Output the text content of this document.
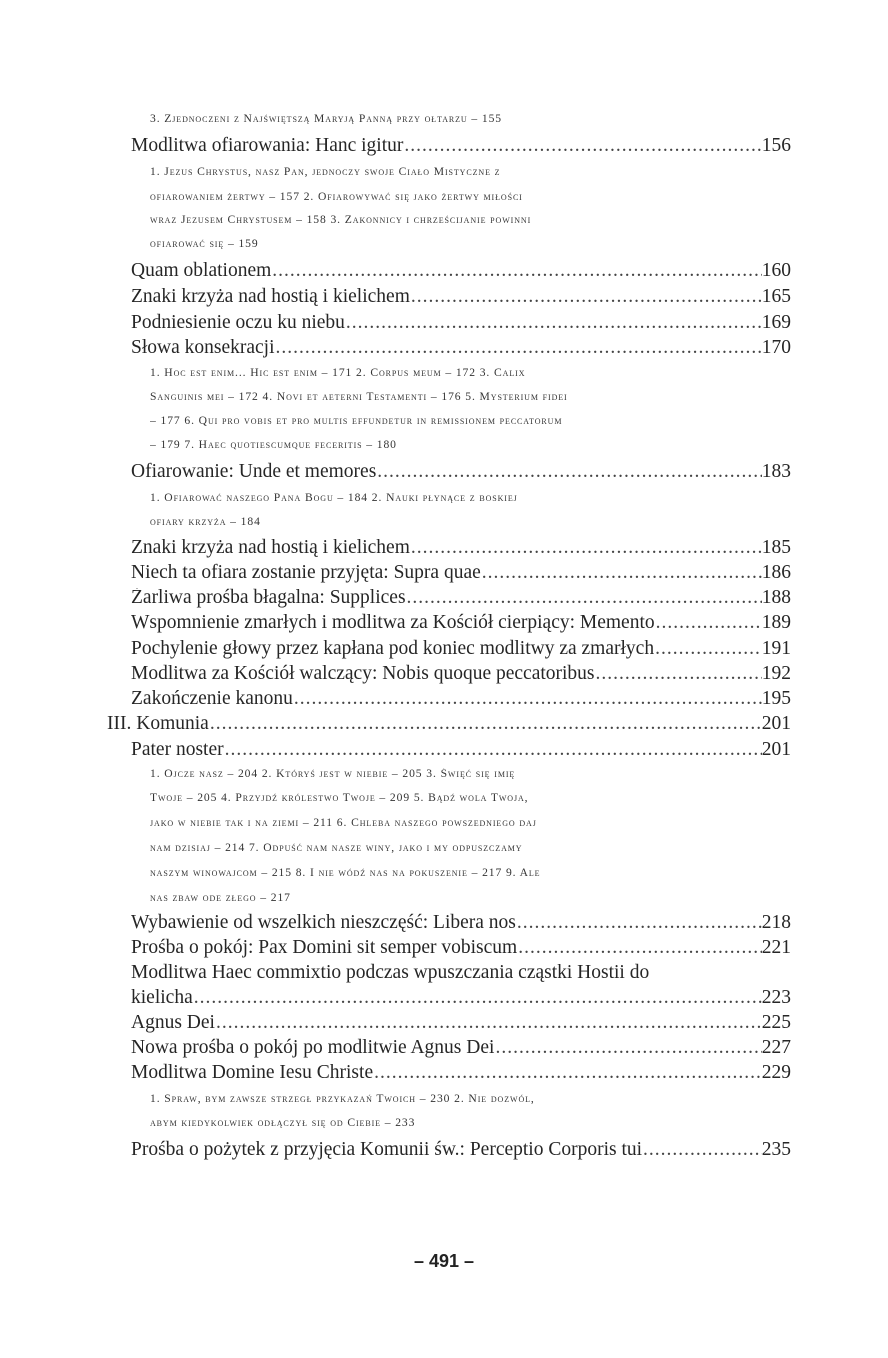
3. Zjednoczeni z Najświętszą Maryją Panną przy ołtarzu – 155
Modlitwa ofiarowania: Hanc igitur .....	156
1. Jezus Chrystus, nasz Pan, jednoczy swoje Ciało Mistyczne z
ofiarowaniem żertwy – 157 2. Ofiarowywać się jako żertwy miłości
wraz Jezusem Chrystusem – 158 3. Zakonnicy i chrześcijanie powinni
ofiarować się – 159
Quam oblationem .....	160
Znaki krzyża nad hostią i kielichem .....	165
Podniesienie oczu ku niebu .....	169
Słowa konsekracji .....	170
1. Hoc est enim... Hic est enim – 171 2. Corpus meum – 172 3. Calix
Sanguinis mei – 172 4. Novi et aeterni Testamenti – 176 5. Mysterium fidei
– 177 6. Qui pro vobis et pro multis effundetur in remissionem peccatorum
– 179 7. Haec quotiescumque feceritis – 180
Ofiarowanie: Unde et memores .....	183
1. Ofiarować naszego Pana Bogu – 184 2. Nauki płynące z boskiej
ofiary krzyża – 184
Znaki krzyża nad hostią i kielichem .....	185
Niech ta ofiara zostanie przyjęta: Supra quae .....	186
Żarliwa prośba błagalna: Supplices .....	188
Wspomnienie zmarłych i modlitwa za Kościół cierpiący: Memento .....	189
Pochylenie głowy przez kapłana pod koniec modlitwy za zmarłych .....	191
Modlitwa za Kościół walczący: Nobis quoque peccatoribus .....	192
Zakończenie kanonu .....	195
III. Komunia .....	201
Pater noster .....	201
1. Ojcze nasz – 204 2. Któryś jest w niebie – 205 3. Święć się imię
Twoje – 205 4. Przyjdź królestwo Twoje – 209 5. Bądź wola Twoja,
jako w niebie tak i na ziemi – 211 6. Chleba naszego powszedniego daj
nam dzisiaj – 214 7. Odpuść nam nasze winy, jako i my odpuszczamy
naszym winowajcom – 215 8. I nie wódź nas na pokuszenie – 217 9. Ale
nas zbaw ode złego – 217
Wybawienie od wszelkich nieszczęść: Libera nos .....	218
Prośba o pokój: Pax Domini sit semper vobiscum .....	221
Modlitwa Haec commixtio podczas wpuszczania cząstki Hostii do
kielicha .....	223
Agnus Dei .....	225
Nowa prośba o pokój po modlitwie Agnus Dei .....	227
Modlitwa Domine Iesu Christe .....	229
1. Spraw, bym zawsze strzegł przykazań Twoich – 230 2. Nie dozwól,
abym kiedykolwiek odłączył się od Ciebie – 233
Prośba o pożytek z przyjęcia Komunii św.: Perceptio Corporis tui .....	235
– 491 –
